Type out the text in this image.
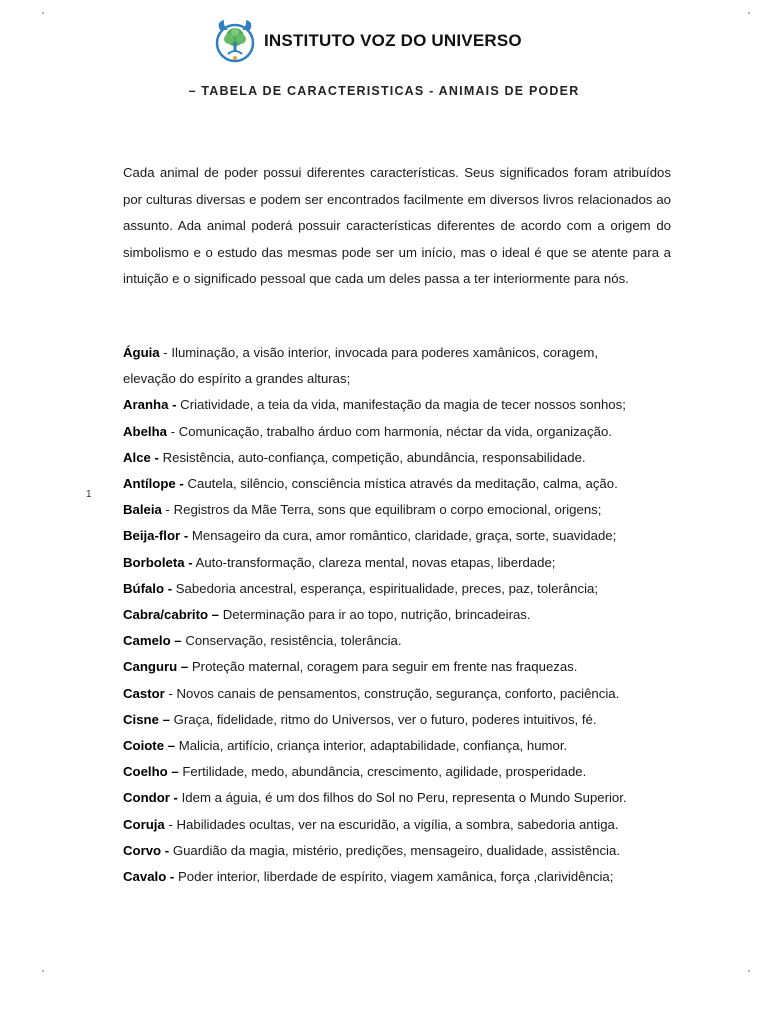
INSTITUTO VOZ DO UNIVERSO
– TABELA DE CARACTERISTICAS - ANIMAIS DE PODER
1

Cada animal de poder possui diferentes características. Seus significados foram atribuídos por culturas diversas e podem ser encontrados facilmente em diversos livros relacionados ao assunto. Ada animal poderá possuir características diferentes de acordo com a origem do simbolismo e o estudo das mesmas pode ser um início, mas o ideal é que se atente para a intuição e o significado pessoal que cada um deles passa a ter interiormente para nós.

Águia - Iluminação, a visão interior, invocada para poderes xamânicos, coragem, elevação do espírito a grandes alturas;
Aranha - Criatividade, a teia da vida, manifestação da magia de tecer nossos sonhos;
Abelha - Comunicação, trabalho árduo com harmonia, néctar da vida, organização.
Alce - Resistência, auto-confiança, competição, abundância, responsabilidade.
Antílope - Cautela, silêncio, consciência mística através da meditação, calma, ação.
Baleia - Registros da Mãe Terra, sons que equilibram o corpo emocional, origens;
Beija-flor - Mensageiro da cura, amor romântico, claridade, graça, sorte, suavidade;
Borboleta - Auto-transformação, clareza mental, novas etapas, liberdade;
Búfalo - Sabedoria ancestral, esperança, espiritualidade, preces, paz, tolerância;
Cabra/cabrito – Determinação para ir ao topo, nutrição, brincadeiras.
Camelo – Conservação, resistência, tolerância.
Canguru – Proteção maternal, coragem para seguir em frente nas fraquezas.
Castor - Novos canais de pensamentos, construção, segurança, conforto, paciência.
Cisne – Graça, fidelidade, ritmo do Universos, ver o futuro, poderes intuitivos, fé.
Coiote – Malicia, artifício, criança interior, adaptabilidade, confiança, humor.
Coelho – Fertilidade, medo, abundância, crescimento, agilidade, prosperidade.
Condor - Idem a águia, é um dos filhos do Sol no Peru, representa o Mundo Superior.
Coruja - Habilidades ocultas, ver na escuridão, a vigília, a sombra, sabedoria antiga.
Corvo - Guardião da magia, mistério, predições, mensageiro, dualidade, assistência.
Cavalo - Poder interior, liberdade de espírito, viagem xamânica, força ,clarividência;
